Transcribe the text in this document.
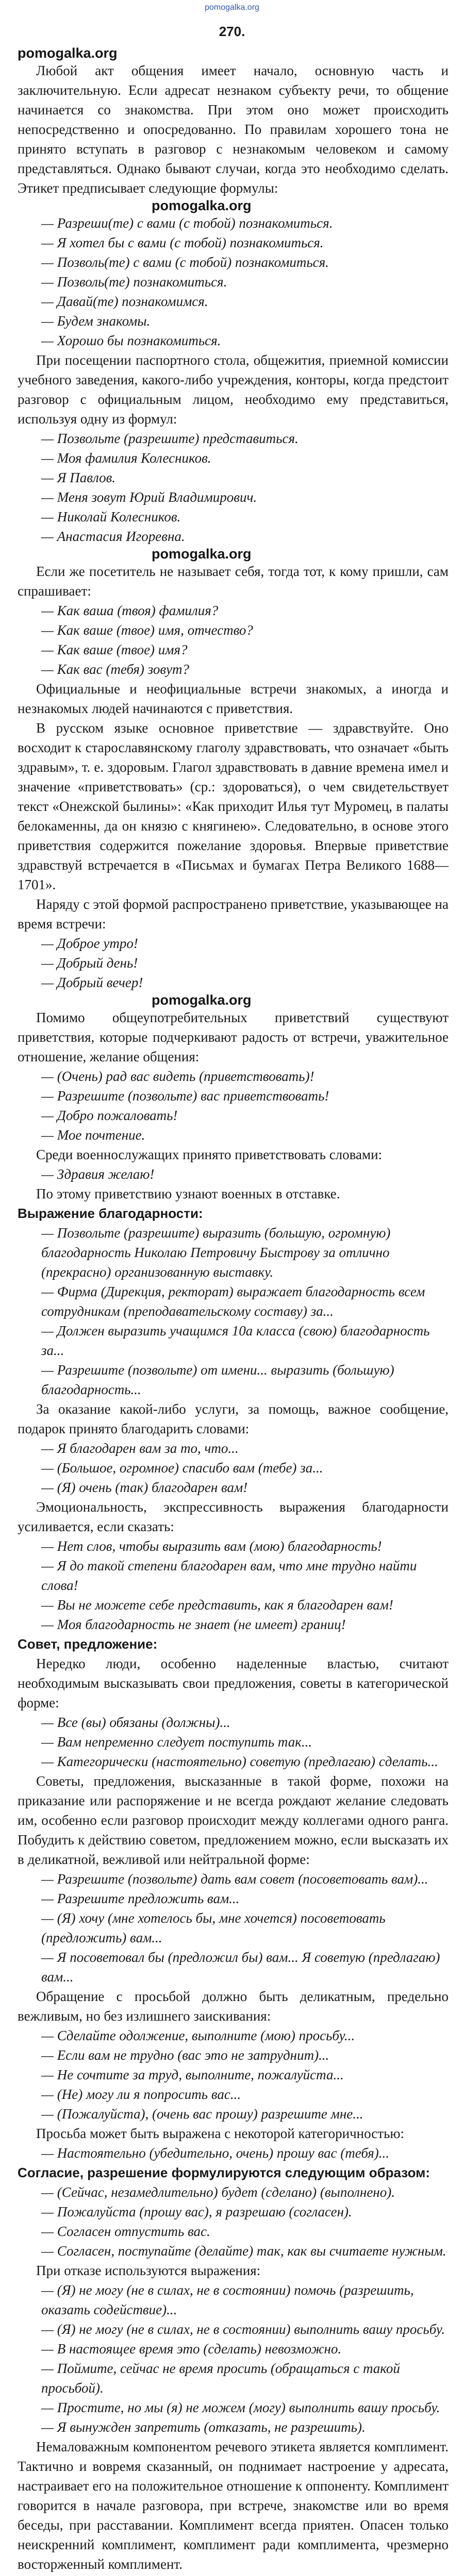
pomogalka.org
270.

pomogalka.org

Любой акт общения имеет начало, основную часть и заключительную. Если адресат незнаком субъекту речи, то общение начинается со знакомства. При этом оно может происходить непосредственно и опосредованно. По правилам хорошего тона не принято вступать в разговор с незнакомым человеком и самому представляться. Однако бывают случаи, когда это необходимо сделать. Этикет предписывает следующие формулы:

pomogalka.org

— Разреши(те) с вами (с тобой) познакомиться.

— Я хотел бы с вами (с тобой) познакомиться.

— Позволь(те) с вами (с тобой) познакомиться.

— Позволь(те) познакомиться.

— Давай(те) познакомимся.

— Будем знакомы.

— Хорошо бы познакомиться.

При посещении паспортного стола, общежития, приемной комиссии учебного заведения, какого-либо учреждения, конторы, когда предстоит разговор с официальным лицом, необходимо ему представиться, используя одну из формул:

— Позвольте (разрешите) представиться.

— Моя фамилия Колесников.

— Я Павлов.

— Меня зовут Юрий Владимирович.

— Николай Колесников.

— Анастасия Игоревна.

pomogalka.org

Если же посетитель не называет себя, тогда тот, к кому пришли, сам спрашивает:

— Как ваша (твоя) фамилия?

— Как ваше (твое) имя, отчество?

— Как ваше (твое) имя?

— Как вас (тебя) зовут?

Официальные и неофициальные встречи знакомых, а иногда и незнакомых людей начинаются с приветствия.

В русском языке основное приветствие — здравствуйте. Оно восходит к старославянскому глаголу здравствовать, что означает «быть здравым», т. е. здоровым. Глагол здравствовать в давние времена имел и значение «приветствовать» (ср.: здороваться), о чем свидетельствует текст «Онежской былины»: «Как приходит Илья тут Муромец, в палаты белокаменны, да он князю с княгинею». Следовательно, в основе этого приветствия содержится пожелание здоровья. Впервые приветствие здравствуй встречается в «Письмах и бумагах Петра Великого 1688—1701».

Наряду с этой формой распространено приветствие, указывающее на время встречи:

— Доброе утро!

— Добрый день!

— Добрый вечер!

pomogalka.org

Помимо общеупотребительных приветствий существуют приветствия, которые подчеркивают радость от встречи, уважительное отношение, желание общения:

— (Очень) рад вас видеть (приветствовать)!

— Разрешите (позвольте) вас приветствовать!

— Добро пожаловать!

— Мое почтение.

Среди военнослужащих принято приветствовать словами:

— Здравия желаю!

По этому приветствию узнают военных в отставке.

Выражение благодарности:

— Позвольте (разрешите) выразить (большую, огромную) благодарность Николаю Петровичу Быстрову за отлично (прекрасно) организованную выставку.

— Фирма (Дирекция, ректорат) выражает благодарность всем сотрудникам (преподавательскому составу) за...

— Должен выразить учащимся 10а класса (свою) благодарность за...

— Разрешите (позвольте) от имени... выразить (большую) благодарность...

За оказание какой-либо услуги, за помощь, важное сообщение, подарок принято благодарить словами:

— Я благодарен вам за то, что...

— (Большое, огромное) спасибо вам (тебе) за...

— (Я) очень (так) благодарен вам!

Эмоциональность, экспрессивность выражения благодарности усиливается, если сказать:

— Нет слов, чтобы выразить вам (мою) благодарность!

— Я до такой степени благодарен вам, что мне трудно найти слова!

— Вы не можете себе представить, как я благодарен вам!

— Моя благодарность не знает (не имеет) границ!

Совет, предложение:

Нередко люди, особенно наделенные властью, считают необходимым высказывать свои предложения, советы в категорической форме:

— Все (вы) обязаны (должны)...

— Вам непременно следует поступить так...

— Категорически (настоятельно) советую (предлагаю) сделать...

Советы, предложения, высказанные в такой форме, похожи на приказание или распоряжение и не всегда рождают желание следовать им, особенно если разговор происходит между коллегами одного ранга. Побудить к действию советом, предложением можно, если высказать их в деликатной, вежливой или нейтральной форме:

— Разрешите (позвольте) дать вам совет (посоветовать вам)...

— Разрешите предложить вам...

— (Я) хочу (мне хотелось бы, мне хочется) посоветовать (предложить) вам...

— Я посоветовал бы (предложил бы) вам... Я советую (предлагаю) вам...

Обращение с просьбой должно быть деликатным, предельно вежливым, но без излишнего заискивания:

— Сделайте одолжение, выполните (мою) просьбу...

— Если вам не трудно (вас это не затруднит)...

— Не сочтите за труд, выполните, пожалуйста...

— (Не) могу ли я попросить вас...

— (Пожалуйста), (очень вас прошу) разрешите мне...

Просьба может быть выражена с некоторой категоричностью:

— Настоятельно (убедительно, очень) прошу вас (тебя)...

Согласие, разрешение формулируются следующим образом:

— (Сейчас, незамедлительно) будет (сделано) (выполнено).

— Пожалуйста (прошу вас), я разрешаю (согласен).

— Согласен отпустить вас.

— Согласен, поступайте (делайте) так, как вы считаете нужным.

При отказе используются выражения:

— (Я) не могу (не в силах, не в состоянии) помочь (разрешить, оказать содействие)...

— (Я) не могу (не в силах, не в состоянии) выполнить вашу просьбу.

— В настоящее время это (сделать) невозможно.

— Поймите, сейчас не время просить (обращаться с такой просьбой).

— Простите, но мы (я) не можем (могу) выполнить вашу просьбу.

— Я вынужден запретить (отказать, не разрешить).

Немаловажным компонентом речевого этикета является комплимент. Тактично и вовремя сказанный, он поднимает настроение у адресата, настраивает его на положительное отношение к оппоненту. Комплимент говорится в начале разговора, при встрече, знакомстве или во время беседы, при расставании. Комплимент всегда приятен. Опасен только неискренний комплимент, комплимент ради комплимента, чрезмерно восторженный комплимент.
